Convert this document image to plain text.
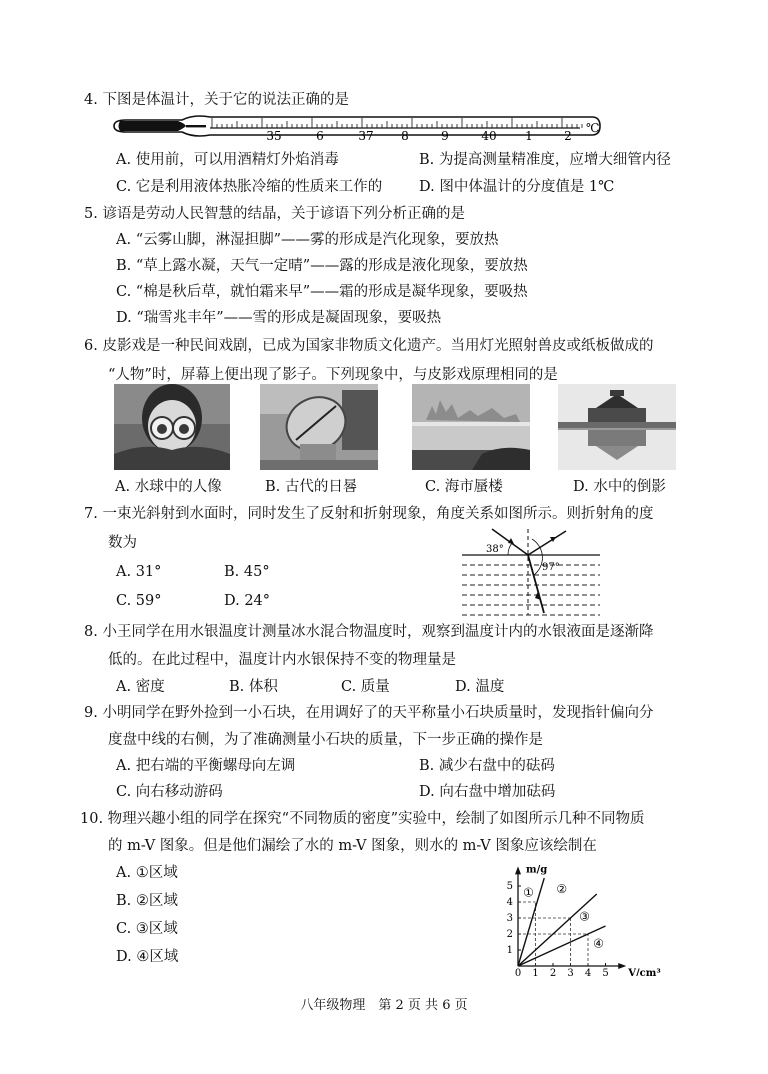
4. 下图是体温计，关于它的说法正确的是
35	6	37 8	9	40 1	2
℃
A. 使用前，可以用酒精灯外焰消毒	B. 为提高测量精准度，应增大细管内径
C. 它是利用液体热胀冷缩的性质来工作的	D. 图中体温计的分度值是 1℃
5. 谚语是劳动人民智慧的结晶，关于谚语下列分析正确的是
A. “云雾山脚，淋湿担脚”——雾的形成是汽化现象，要放热
B. “草上露水凝，天气一定晴”——露的形成是液化现象，要放热
C. “棉是秋后草，就怕霜来早”——霜的形成是凝华现象，要吸热
D. “瑞雪兆丰年”——雪的形成是凝固现象，要吸热
6. 皮影戏是一种民间戏剧，已成为国家非物质文化遗产。当用灯光照射兽皮或纸板做成的
“人物”时，屏幕上便出现了影子。下列现象中，与皮影戏原理相同的是
A. 水球中的人像	B. 古代的日晷	C. 海市蜃楼	D. 水中的倒影
7. 一束光斜射到水面时，同时发生了反射和折射现象，角度关系如图所示。则折射角的度
数为
A. 31°	B. 45°
C. 59°	D. 24°
38°
97°
8. 小王同学在用水银温度计测量冰水混合物温度时，观察到温度计内的水银液面是逐渐降
低的。在此过程中，温度计内水银保持不变的物理量是
A. 密度	B. 体积	C. 质量	D. 温度
9. 小明同学在野外捡到一小石块，在用调好了的天平称量小石块质量时，发现指针偏向分
度盘中线的右侧，为了准确测量小石块的质量，下一步正确的操作是
A. 把右端的平衡螺母向左调	B. 减少右盘中的砝码
C. 向右移动游码	D. 向右盘中增加砝码
10. 物理兴趣小组的同学在探究“不同物质的密度”实验中，绘制了如图所示几种不同物质
的 m-V 图象。但是他们漏绘了水的 m-V 图象，则水的 m-V 图象应该绘制在
A. ①区域
B. ②区域
C. ③区域
D. ④区域
0 1 2 3 4 5
1
2
3
4
5
m/g
V/cm³
① ②
③
④
八年级物理　第 2 页 共 6 页
